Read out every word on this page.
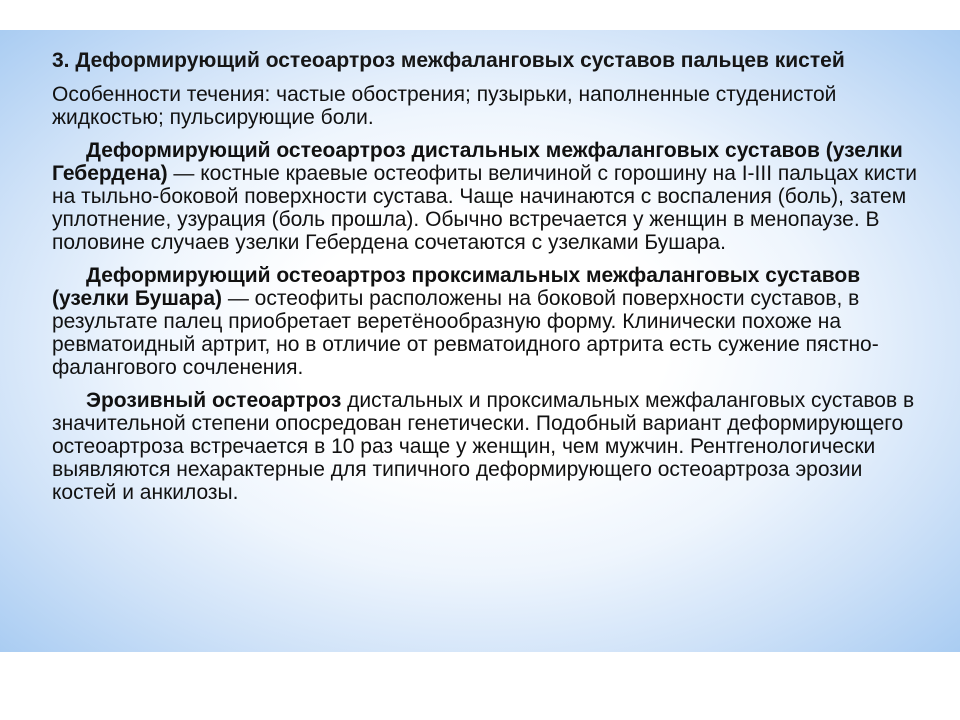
3. Деформирующий остеоартроз межфаланговых суставов пальцев кистей

Особенности течения: частые обострения; пузырьки, наполненные студенистой жидкостью; пульсирующие боли.

Деформирующий остеоартроз дистальных межфаланговых суставов (узелки Гебердена) — костные краевые остеофиты величиной с горошину на I-III пальцах кисти на тыльно-боковой поверхности сустава. Чаще начинаются с воспаления (боль), затем уплотнение, узурация (боль прошла). Обычно встречается у женщин в менопаузе. В половине случаев узелки Гебердена сочетаются с узелками Бушара.

Деформирующий остеоартроз проксимальных межфаланговых суставов (узелки Бушара) — остеофиты расположены на боковой поверхности суставов, в результате палец приобретает веретёнообразную форму. Клинически похоже на ревматоидный артрит, но в отличие от ревматоидного артрита есть сужение пястно-фалангового сочленения.

Эрозивный остеоартроз дистальных и проксимальных межфаланговых суставов в значительной степени опосредован генетически. Подобный вариант деформирующего остеоартроза встречается в 10 раз чаще у женщин, чем мужчин. Рентгенологически выявляются нехарактерные для типичного деформирующего остеоартроза эрозии костей и анкилозы.
